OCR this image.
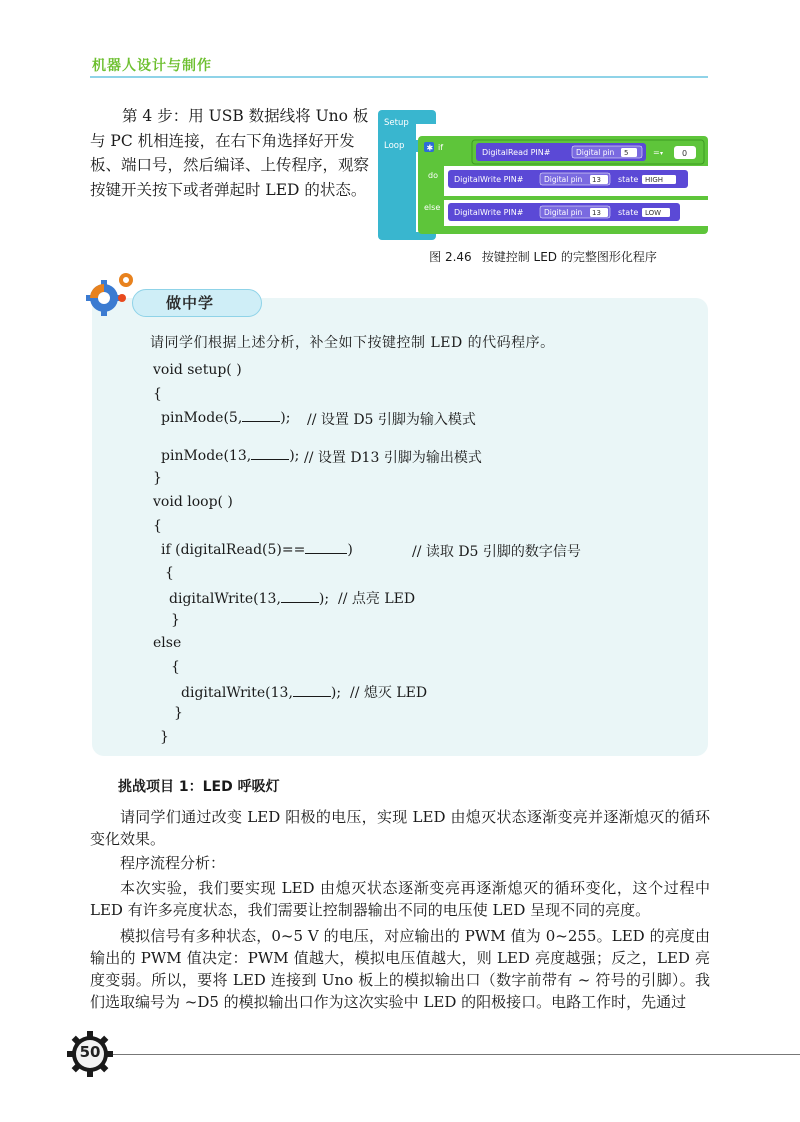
机器人设计与制作
第 4 步：用 USB 数据线将 Uno 板与 PC 机相连接，在右下角选择好开发板、端口号，然后编译、上传程序，观察按键开关按下或者弹起时 LED 的状态。
Setup
Loop	✱ if
do
else
DigitalRead PIN#	Digital pin 5	= ▾ 0
DigitalWrite PIN#	Digital pin 13 state HIGH
DigitalWrite PIN#	Digital pin 13 state LOW
图 2.46 按键控制 LED 的完整图形化程序
做中学
请同学们根据上述分析，补全如下按键控制 LED 的代码程序。
void setup( )
{
pinMode(5,	); // 设置 D5 引脚为输入模式
pinMode(13,	); // 设置 D13 引脚为输出模式
}
void loop( )
{
if (digitalRead(5)==	)	// 读取 D5 引脚的数字信号
{
digitalWrite(13,	);  // 点亮 LED
}
else
{
digitalWrite(13,	);  // 熄灭 LED
}
}
挑战项目 1：LED 呼吸灯
请同学们通过改变 LED 阳极的电压，实现 LED 由熄灭状态逐渐变亮并逐渐熄灭的循环变化效果。
程序流程分析：
本次实验，我们要实现 LED 由熄灭状态逐渐变亮再逐渐熄灭的循环变化，这个过程中 LED 有许多亮度状态，我们需要让控制器输出不同的电压使 LED 呈现不同的亮度。
模拟信号有多种状态，0~5 V 的电压，对应输出的 PWM 值为 0~255。LED 的亮度由输出的 PWM 值决定：PWM 值越大，模拟电压值越大，则 LED 亮度越强；反之，LED 亮度变弱。所以，要将 LED 连接到 Uno 板上的模拟输出口（数字前带有 ~ 符号的引脚）。我们选取编号为 ~D5 的模拟输出口作为这次实验中 LED 的阳极接口。电路工作时，先通过
50
